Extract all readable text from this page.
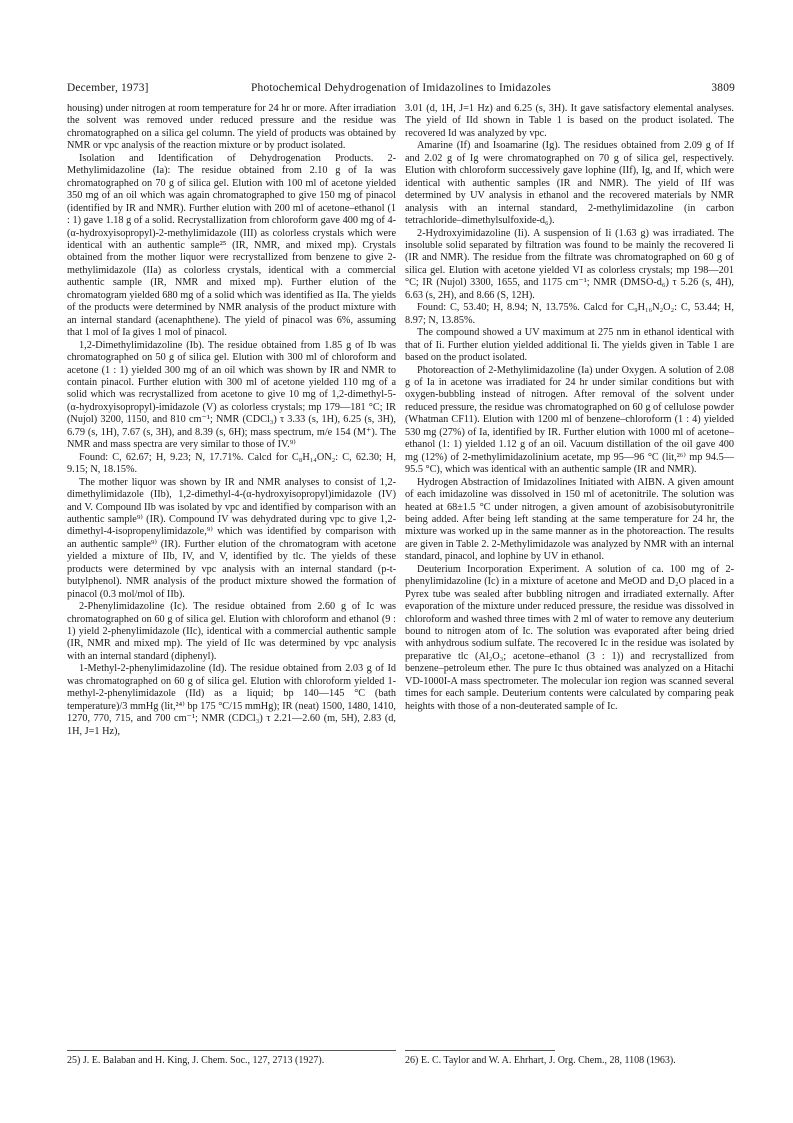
December, 1973]	Photochemical Dehydrogenation of Imidazolines to Imidazoles	3809

housing) under nitrogen at room temperature for 24 hr or more. After irradiation the solvent was removed under reduced pressure and the residue was chromatographed on a silica gel column. The yield of products was obtained by NMR or vpc analysis of the reaction mixture or by product isolated.

Isolation and Identification of Dehydrogenation Products. 2-Methylimidazoline (Ia): The residue obtained from 2.10 g of Ia was chromatographed on 70 g of silica gel. Elution with 100 ml of acetone yielded 350 mg of an oil which was again chromatographed to give 150 mg of pinacol (identified by IR and NMR). Further elution with 200 ml of acetone–ethanol (1 : 1) gave 1.18 g of a solid. Recrystallization from chloroform gave 400 mg of 4-(α-hydroxyisopropyl)-2-methylimidazole (III) as colorless crystals which were identical with an authentic sample²⁵ (IR, NMR, and mixed mp). Crystals obtained from the mother liquor were recrystallized from benzene to give 2-methylimidazole (IIa) as colorless crystals, identical with a commercial authentic sample (IR, NMR and mixed mp). Further elution of the chromatogram yielded 680 mg of a solid which was identified as IIa. The yields of the products were determined by NMR analysis of the product mixture with an internal standard (acenaphthene). The yield of pinacol was 6%, assuming that 1 mol of Ia gives 1 mol of pinacol.

1,2-Dimethylimidazoline (Ib). The residue obtained from 1.85 g of Ib was chromatographed on 50 g of silica gel. Elution with 300 ml of chloroform and acetone (1 : 1) yielded 300 mg of an oil which was shown by IR and NMR to contain pinacol. Further elution with 300 ml of acetone yielded 110 mg of a solid which was recrystallized from acetone to give 10 mg of 1,2-dimethyl-5-(α-hydroxyisopropyl)-imidazole (V) as colorless crystals; mp 179—181 °C; IR (Nujol) 3200, 1150, and 810 cm⁻¹; NMR (CDCl₃) τ 3.33 (s, 1H), 6.25 (s, 3H), 6.79 (s, 1H), 7.67 (s, 3H), and 8.39 (s, 6H); mass spectrum, m/e 154 (M⁺). The NMR and mass spectra are very similar to those of IV.⁹⁾

Found: C, 62.67; H, 9.23; N, 17.71%. Calcd for C₈H₁₄ON₂: C, 62.30; H, 9.15; N, 18.15%.

The mother liquor was shown by IR and NMR analyses to consist of 1,2-dimethylimidazole (IIb), 1,2-dimethyl-4-(α-hydroxyisopropyl)imidazole (IV) and V. Compound IIb was isolated by vpc and identified by comparison with an authentic sample⁹⁾ (IR). Compound IV was dehydrated during vpc to give 1,2-dimethyl-4-isopropenylimidazole,⁹⁾ which was identified by comparison with an authentic sample⁹⁾ (IR). Further elution of the chromatogram with acetone yielded a mixture of IIb, IV, and V, identified by tlc. The yields of these products were determined by vpc analysis with an internal standard (p-t-butylphenol). NMR analysis of the product mixture showed the formation of pinacol (0.3 mol/mol of IIb).

2-Phenylimidazoline (Ic). The residue obtained from 2.60 g of Ic was chromatographed on 60 g of silica gel. Elution with chloroform and ethanol (9 : 1) yield 2-phenylimidazole (IIc), identical with a commercial authentic sample (IR, NMR and mixed mp). The yield of IIc was determined by vpc analysis with an internal standard (diphenyl).

1-Methyl-2-phenylimidazoline (Id). The residue obtained from 2.03 g of Id was chromatographed on 60 g of silica gel. Elution with chloroform yielded 1-methyl-2-phenylimidazole (IId) as a liquid; bp 140—145 °C (bath temperature)/3 mmHg (lit,²⁴⁾ bp 175 °C/15 mmHg); IR (neat) 1500, 1480, 1410, 1270, 770, 715, and 700 cm⁻¹; NMR (CDCl₃) τ 2.21—2.60 (m, 5H), 2.83 (d, 1H, J=1 Hz),

3.01 (d, 1H, J=1 Hz) and 6.25 (s, 3H). It gave satisfactory elemental analyses. The yield of IId shown in Table 1 is based on the product isolated. The recovered Id was analyzed by vpc.

Amarine (If) and Isoamarine (Ig). The residues obtained from 2.09 g of If and 2.02 g of Ig were chromatographed on 70 g of silica gel, respectively. Elution with chloroform successively gave lophine (IIf), Ig, and If, which were identical with authentic samples (IR and NMR). The yield of IIf was determined by UV analysis in ethanol and the recovered materials by NMR analysis with an internal standard, 2-methylimidazoline (in carbon tetrachloride–dimethylsulfoxide-d₆).

2-Hydroxyimidazoline (Ii). A suspension of Ii (1.63 g) was irradiated. The insoluble solid separated by filtration was found to be mainly the recovered Ii (IR and NMR). The residue from the filtrate was chromatographed on 60 g of silica gel. Elution with acetone yielded VI as colorless crystals; mp 198—201 °C; IR (Nujol) 3300, 1655, and 1175 cm⁻¹; NMR (DMSO-d₆) τ 5.26 (s, 4H), 6.63 (s, 2H), and 8.66 (S, 12H).

Found: C, 53.40; H, 8.94; N, 13.75%. Calcd for C₉H₁₆N₂O₂: C, 53.44; H, 8.97; N, 13.85%.

The compound showed a UV maximum at 275 nm in ethanol identical with that of Ii. Further elution yielded additional Ii. The yields given in Table 1 are based on the product isolated.

Photoreaction of 2-Methylimidazoline (Ia) under Oxygen. A solution of 2.08 g of Ia in acetone was irradiated for 24 hr under similar conditions but with oxygen-bubbling instead of nitrogen. After removal of the solvent under reduced pressure, the residue was chromatographed on 60 g of cellulose powder (Whatman CF11). Elution with 1200 ml of benzene–chloroform (1 : 4) yielded 530 mg (27%) of Ia, identified by IR. Further elution with 1000 ml of acetone–ethanol (1: 1) yielded 1.12 g of an oil. Vacuum distillation of the oil gave 400 mg (12%) of 2-methylimidazolinium acetate, mp 95—96 °C (lit,²⁶⁾ mp 94.5—95.5 °C), which was identical with an authentic sample (IR and NMR).

Hydrogen Abstraction of Imidazolines Initiated with AIBN. A given amount of each imidazoline was dissolved in 150 ml of acetonitrile. The solution was heated at 68±1.5 °C under nitrogen, a given amount of azobisisobutyronitrile being added. After being left standing at the same temperature for 24 hr, the mixture was worked up in the same manner as in the photoreaction. The results are given in Table 2. 2-Methylimidazole was analyzed by NMR with an internal standard, pinacol, and lophine by UV in ethanol.

Deuterium Incorporation Experiment. A solution of ca. 100 mg of 2-phenylimidazoline (Ic) in a mixture of acetone and MeOD and D₂O placed in a Pyrex tube was sealed after bubbling nitrogen and irradiated externally. After evaporation of the mixture under reduced pressure, the residue was dissolved in chloroform and washed three times with 2 ml of water to remove any deuterium bound to nitrogen atom of Ic. The solution was evaporated after being dried with anhydrous sodium sulfate. The recovered Ic in the residue was isolated by preparative tlc (Al₂O₃; acetone–ethanol (3 : 1)) and recrystallized from benzene–petroleum ether. The pure Ic thus obtained was analyzed on a Hitachi VD-1000I-A mass spectrometer. The molecular ion region was scanned several times for each sample. Deuterium contents were calculated by comparing peak heights with those of a non-deuterated sample of Ic.

25) J. E. Balaban and H. King, J. Chem. Soc., 127, 2713 (1927).	26) E. C. Taylor and W. A. Ehrhart, J. Org. Chem., 28, 1108 (1963).
